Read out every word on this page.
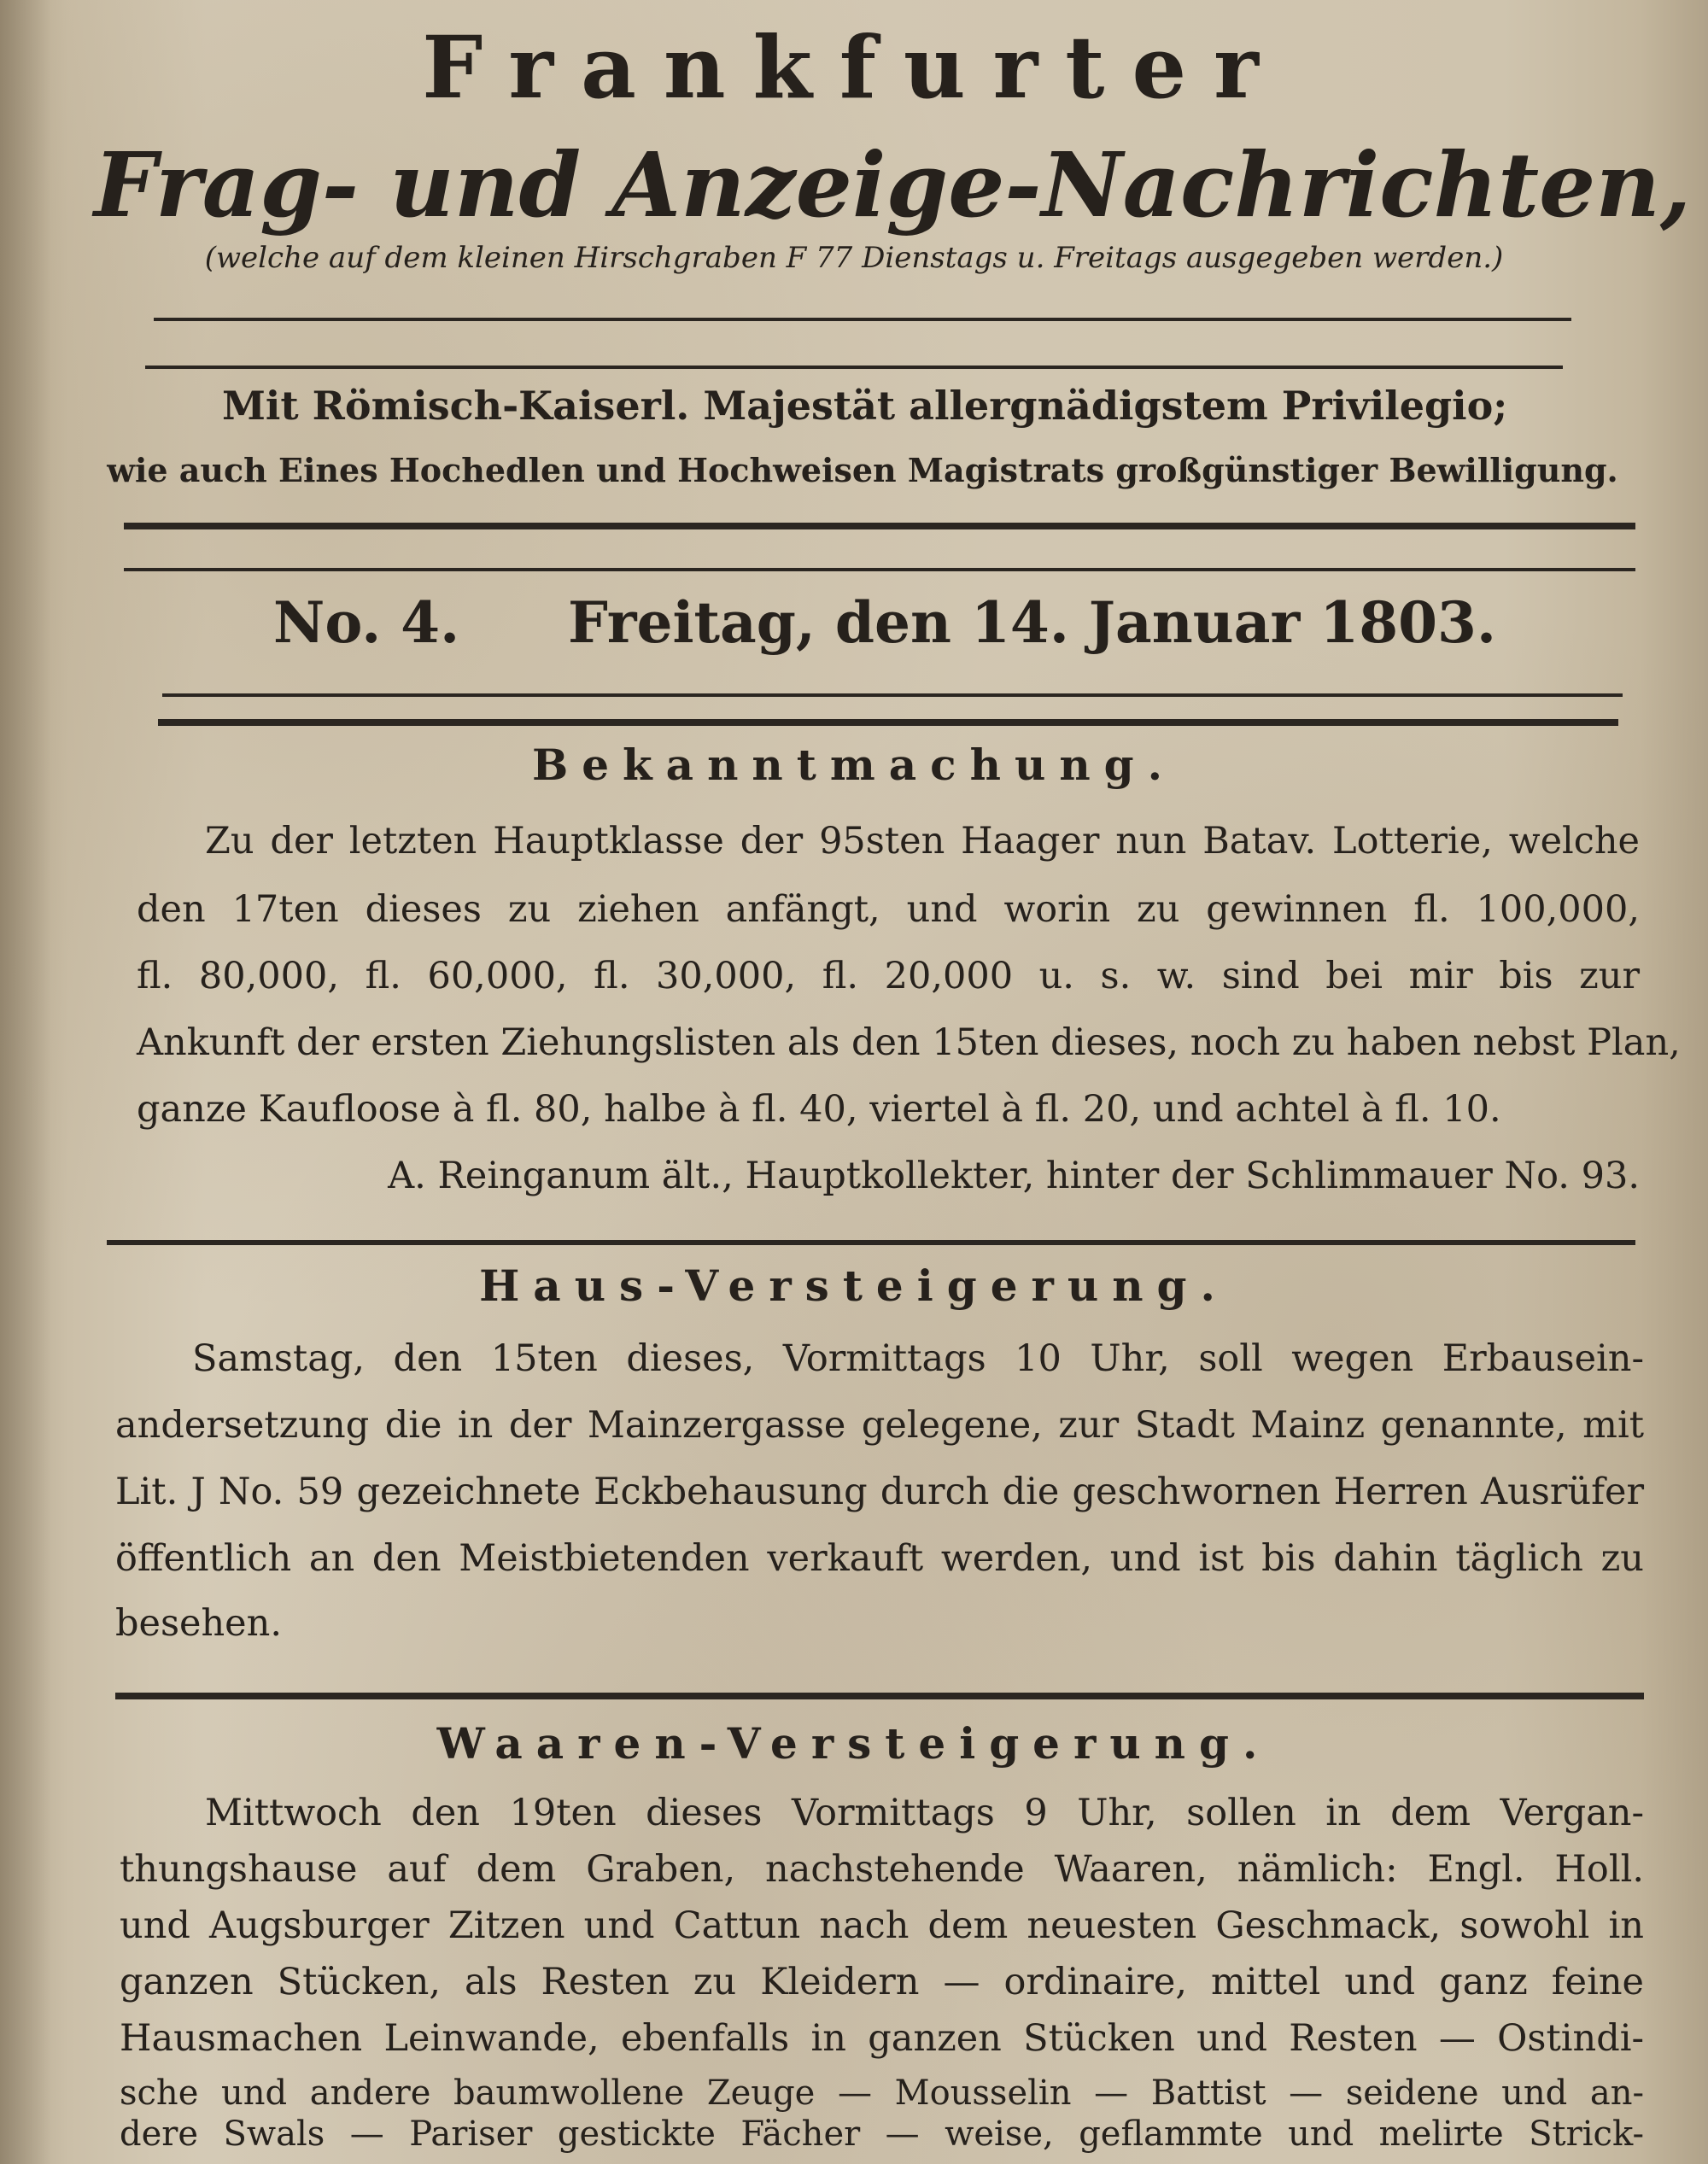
Frankfurter
Frag- und Anzeige-Nachrichten,
(welche auf dem kleinen Hirschgraben F 77 Dienstags u. Freitags ausgegeben werden.)
Mit Römisch-Kaiserl. Majestät allergnädigstem Privilegio;
wie auch Eines Hochedlen und Hochweisen Magistrats großgünstiger Bewilligung.
No. 4. Freitag, den 14. Januar 1803.
Bekanntmachung.
Zu der letzten Hauptklasse der 95sten Haager nun Batav. Lotterie, welche
den 17ten dieses zu ziehen anfängt, und worin zu gewinnen fl. 100,000,
fl. 80,000, fl. 60,000, fl. 30,000, fl. 20,000 u. s. w. sind bei mir bis zur
Ankunft der ersten Ziehungslisten als den 15ten dieses, noch zu haben nebst Plan,
ganze Kaufloose à fl. 80, halbe à fl. 40, viertel à fl. 20, und achtel à fl. 10.
A. Reinganum ält., Hauptkollekter, hinter der Schlimmauer No. 93.
Haus-Versteigerung.
Samstag, den 15ten dieses, Vormittags 10 Uhr, soll wegen Erbausein-
andersetzung die in der Mainzergasse gelegene, zur Stadt Mainz genannte, mit
Lit. J No. 59 gezeichnete Eckbehausung durch die geschwornen Herren Ausrüfer
öffentlich an den Meistbietenden verkauft werden, und ist bis dahin täglich zu
besehen.
Waaren-Versteigerung.
Mittwoch den 19ten dieses Vormittags 9 Uhr, sollen in dem Vergan-
thungshause auf dem Graben, nachstehende Waaren, nämlich: Engl. Holl.
und Augsburger Zitzen und Cattun nach dem neuesten Geschmack, sowohl in
ganzen Stücken, als Resten zu Kleidern — ordinaire, mittel und ganz feine
Hausmachen Leinwande, ebenfalls in ganzen Stücken und Resten — Ostindi-
sche und andere baumwollene Zeuge — Mousselin — Battist — seidene und an-
dere Swals — Pariser gestickte Fächer — weise, geflammte und melirte Strick-
